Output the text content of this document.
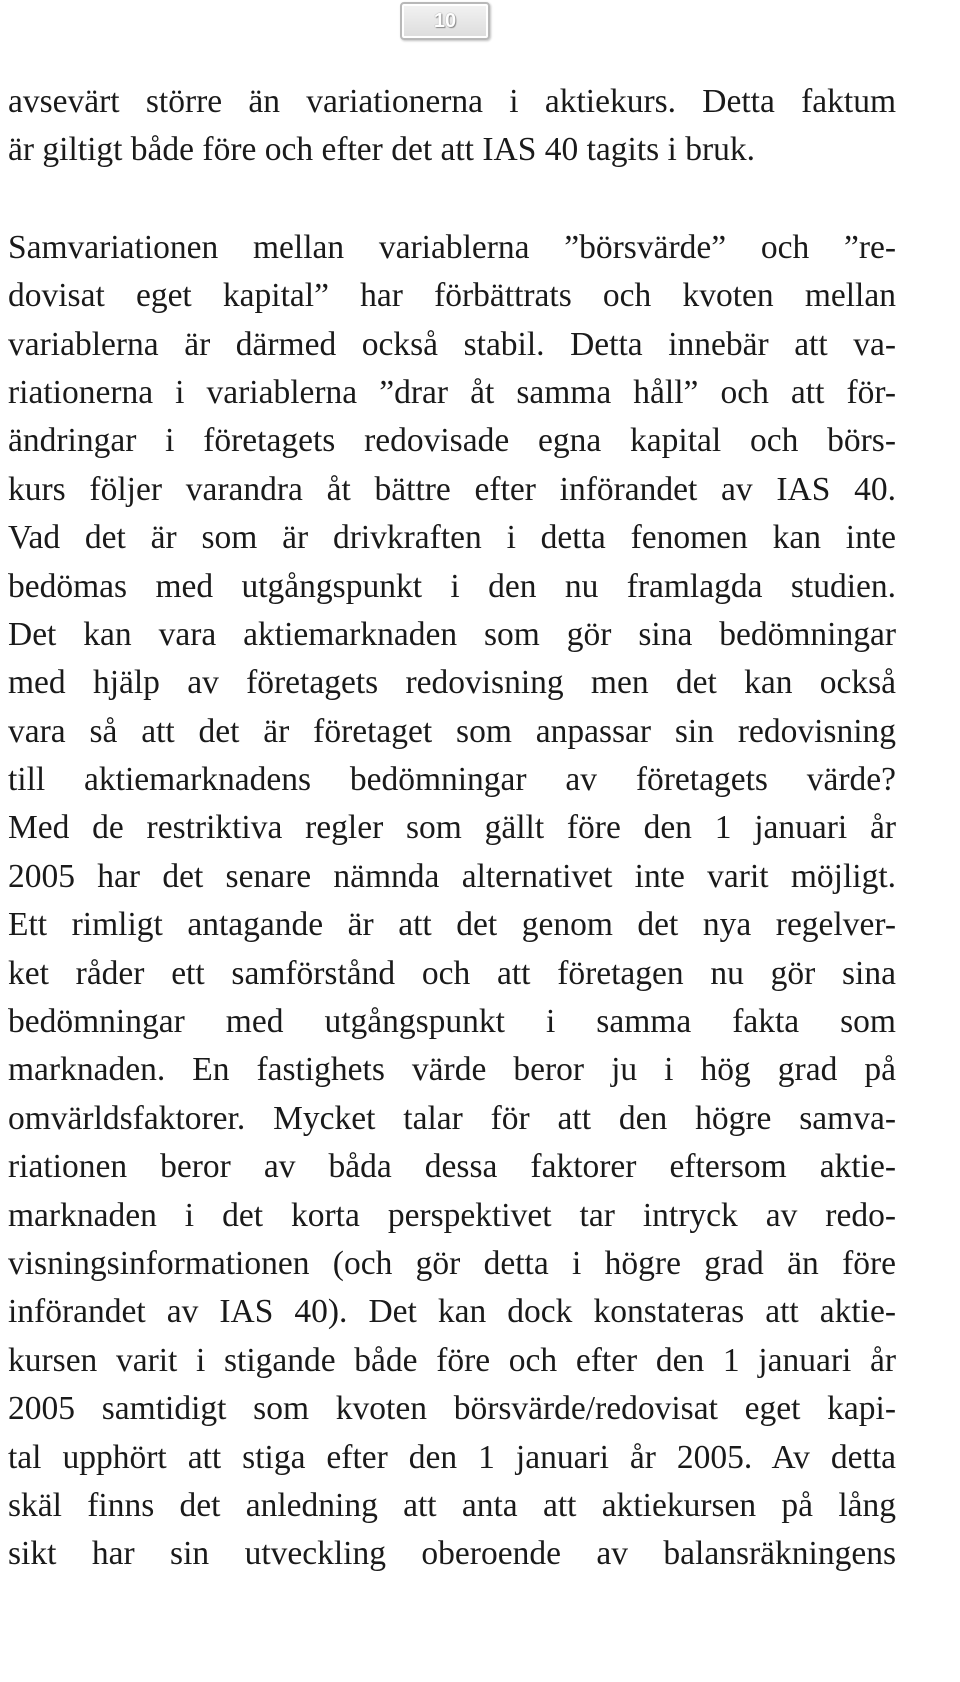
10
avsevärt större än variationerna i aktiekurs. Detta faktum
är giltigt både före och efter det att IAS 40 tagits i bruk.
Samvariationen mellan variablerna ”börsvärde” och ”re-
dovisat eget kapital” har förbättrats och kvoten mellan
variablerna är därmed också stabil. Detta innebär att va-
riationerna i variablerna ”drar åt samma håll” och att för-
ändringar i företagets redovisade egna kapital och börs-
kurs följer varandra åt bättre efter införandet av IAS 40.
Vad det är som är drivkraften i detta fenomen kan inte
bedömas med utgångspunkt i den nu framlagda studien.
Det kan vara aktiemarknaden som gör sina bedömningar
med hjälp av företagets redovisning men det kan också
vara så att det är företaget som anpassar sin redovisning
till aktiemarknadens bedömningar av företagets värde?
Med de restriktiva regler som gällt före den 1 januari år
2005 har det senare nämnda alternativet inte varit möjligt.
Ett rimligt antagande är att det genom det nya regelver-
ket råder ett samförstånd och att företagen nu gör sina
bedömningar med utgångspunkt i samma fakta som
marknaden. En fastighets värde beror ju i hög grad på
omvärldsfaktorer. Mycket talar för att den högre samva-
riationen beror av båda dessa faktorer eftersom aktie-
marknaden i det korta perspektivet tar intryck av redo-
visningsinformationen (och gör detta i högre grad än före
införandet av IAS 40). Det kan dock konstateras att aktie-
kursen varit i stigande både före och efter den 1 januari år
2005 samtidigt som kvoten börsvärde/redovisat eget kapi-
tal upphört att stiga efter den 1 januari år 2005. Av detta
skäl finns det anledning att anta att aktiekursen på lång
sikt har sin utveckling oberoende av balansräkningens
